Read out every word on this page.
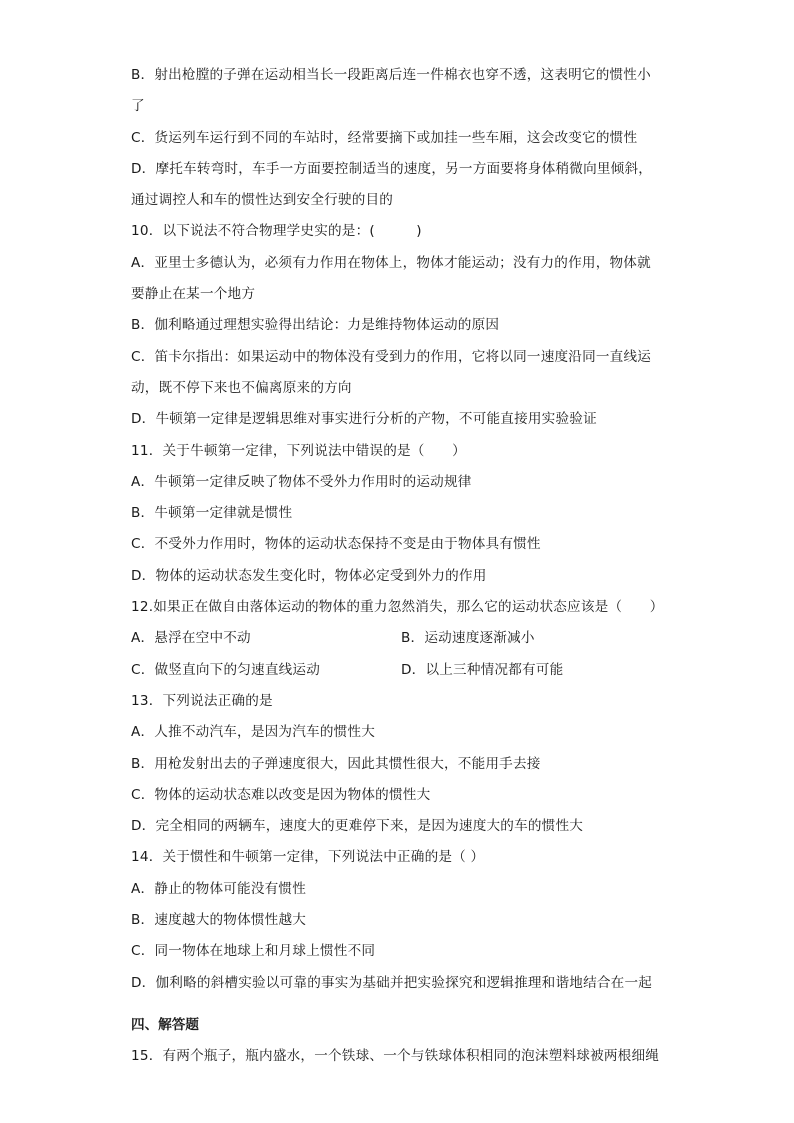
B．射出枪膛的子弹在运动相当长一段距离后连一件棉衣也穿不透，这表明它的惯性小
了
C．货运列车运行到不同的车站时，经常要摘下或加挂一些车厢，这会改变它的惯性
D．摩托车转弯时，车手一方面要控制适当的速度，另一方面要将身体稍微向里倾斜，
通过调控人和车的惯性达到安全行驶的目的
10．以下说法不符合物理学史实的是：(　　　)
A．亚里士多德认为，必须有力作用在物体上，物体才能运动；没有力的作用，物体就
要静止在某一个地方
B．伽利略通过理想实验得出结论：力是维持物体运动的原因
C．笛卡尔指出：如果运动中的物体没有受到力的作用，它将以同一速度沿同一直线运
动，既不停下来也不偏离原来的方向
D．牛顿第一定律是逻辑思维对事实进行分析的产物，不可能直接用实验验证
11．关于牛顿第一定律，下列说法中错误的是（　　）
A．牛顿第一定律反映了物体不受外力作用时的运动规律
B．牛顿第一定律就是惯性
C．不受外力作用时，物体的运动状态保持不变是由于物体具有惯性
D．物体的运动状态发生变化时，物体必定受到外力的作用
12.如果正在做自由落体运动的物体的重力忽然消失，那么它的运动状态应该是（　　）
A．悬浮在空中不动	B．运动速度逐渐减小
C．做竖直向下的匀速直线运动	D．以上三种情况都有可能
13．下列说法正确的是
A．人推不动汽车，是因为汽车的惯性大
B．用枪发射出去的子弹速度很大，因此其惯性很大，不能用手去接
C．物体的运动状态难以改变是因为物体的惯性大
D．完全相同的两辆车，速度大的更难停下来，是因为速度大的车的惯性大
14．关于惯性和牛顿第一定律，下列说法中正确的是（ ）
A．静止的物体可能没有惯性
B．速度越大的物体惯性越大
C．同一物体在地球上和月球上惯性不同
D．伽利略的斜槽实验以可靠的事实为基础并把实验探究和逻辑推理和谐地结合在一起
四、解答题
15．有两个瓶子，瓶内盛水，一个铁球、一个与铁球体积相同的泡沫塑料球被两根细绳
